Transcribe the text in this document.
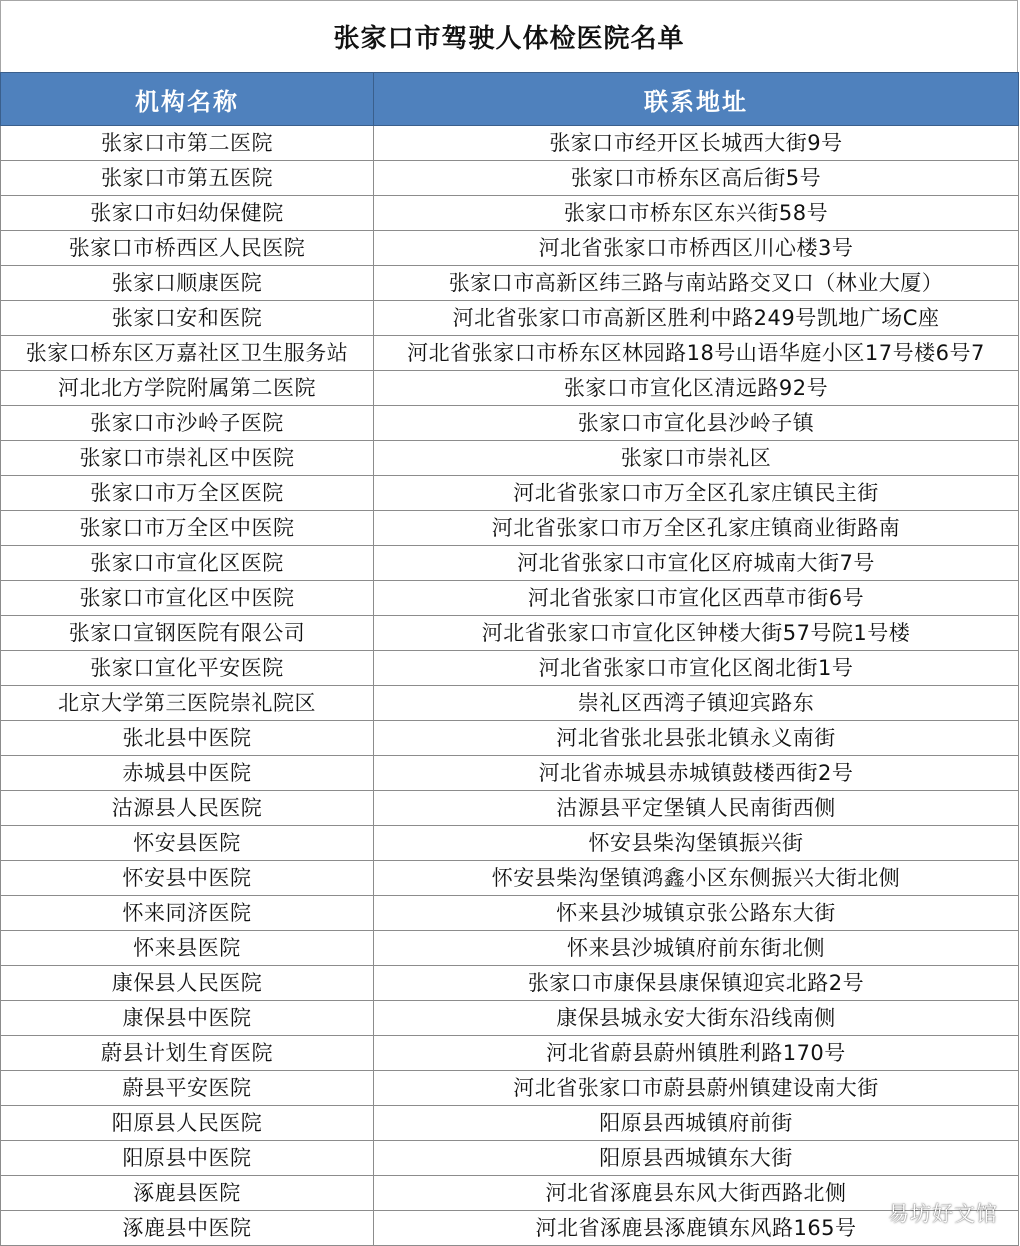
张家口市驾驶人体检医院名单
机构名称	联系地址
张家口市第二医院	张家口市经开区长城西大街9号
张家口市第五医院	张家口市桥东区高后街5号
张家口市妇幼保健院	张家口市桥东区东兴街58号
张家口市桥西区人民医院	河北省张家口市桥西区川心楼3号
张家口顺康医院	张家口市高新区纬三路与南站路交叉口（林业大厦）
张家口安和医院	河北省张家口市高新区胜利中路249号凯地广场C座
张家口桥东区万嘉社区卫生服务站	河北省张家口市桥东区林园路18号山语华庭小区17号楼6号7
河北北方学院附属第二医院	张家口市宣化区清远路92号
张家口市沙岭子医院	张家口市宣化县沙岭子镇
张家口市崇礼区中医院	张家口市崇礼区
张家口市万全区医院	河北省张家口市万全区孔家庄镇民主街
张家口市万全区中医院	河北省张家口市万全区孔家庄镇商业街路南
张家口市宣化区医院	河北省张家口市宣化区府城南大街7号
张家口市宣化区中医院	河北省张家口市宣化区西草市街6号
张家口宣钢医院有限公司	河北省张家口市宣化区钟楼大街57号院1号楼
张家口宣化平安医院	河北省张家口市宣化区阁北街1号
北京大学第三医院崇礼院区	崇礼区西湾子镇迎宾路东
张北县中医院	河北省张北县张北镇永义南街
赤城县中医院	河北省赤城县赤城镇鼓楼西街2号
沽源县人民医院	沽源县平定堡镇人民南街西侧
怀安县医院	怀安县柴沟堡镇振兴街
怀安县中医院	怀安县柴沟堡镇鸿鑫小区东侧振兴大街北侧
怀来同济医院	怀来县沙城镇京张公路东大街
怀来县医院	怀来县沙城镇府前东街北侧
康保县人民医院	张家口市康保县康保镇迎宾北路2号
康保县中医院	康保县城永安大街东沿线南侧
蔚县计划生育医院	河北省蔚县蔚州镇胜利路170号
蔚县平安医院	河北省张家口市蔚县蔚州镇建设南大街
阳原县人民医院	阳原县西城镇府前街
阳原县中医院	阳原县西城镇东大街
涿鹿县医院	河北省涿鹿县东风大街西路北侧
涿鹿县中医院	河北省涿鹿县涿鹿镇东风路165号
易坊好文馆
